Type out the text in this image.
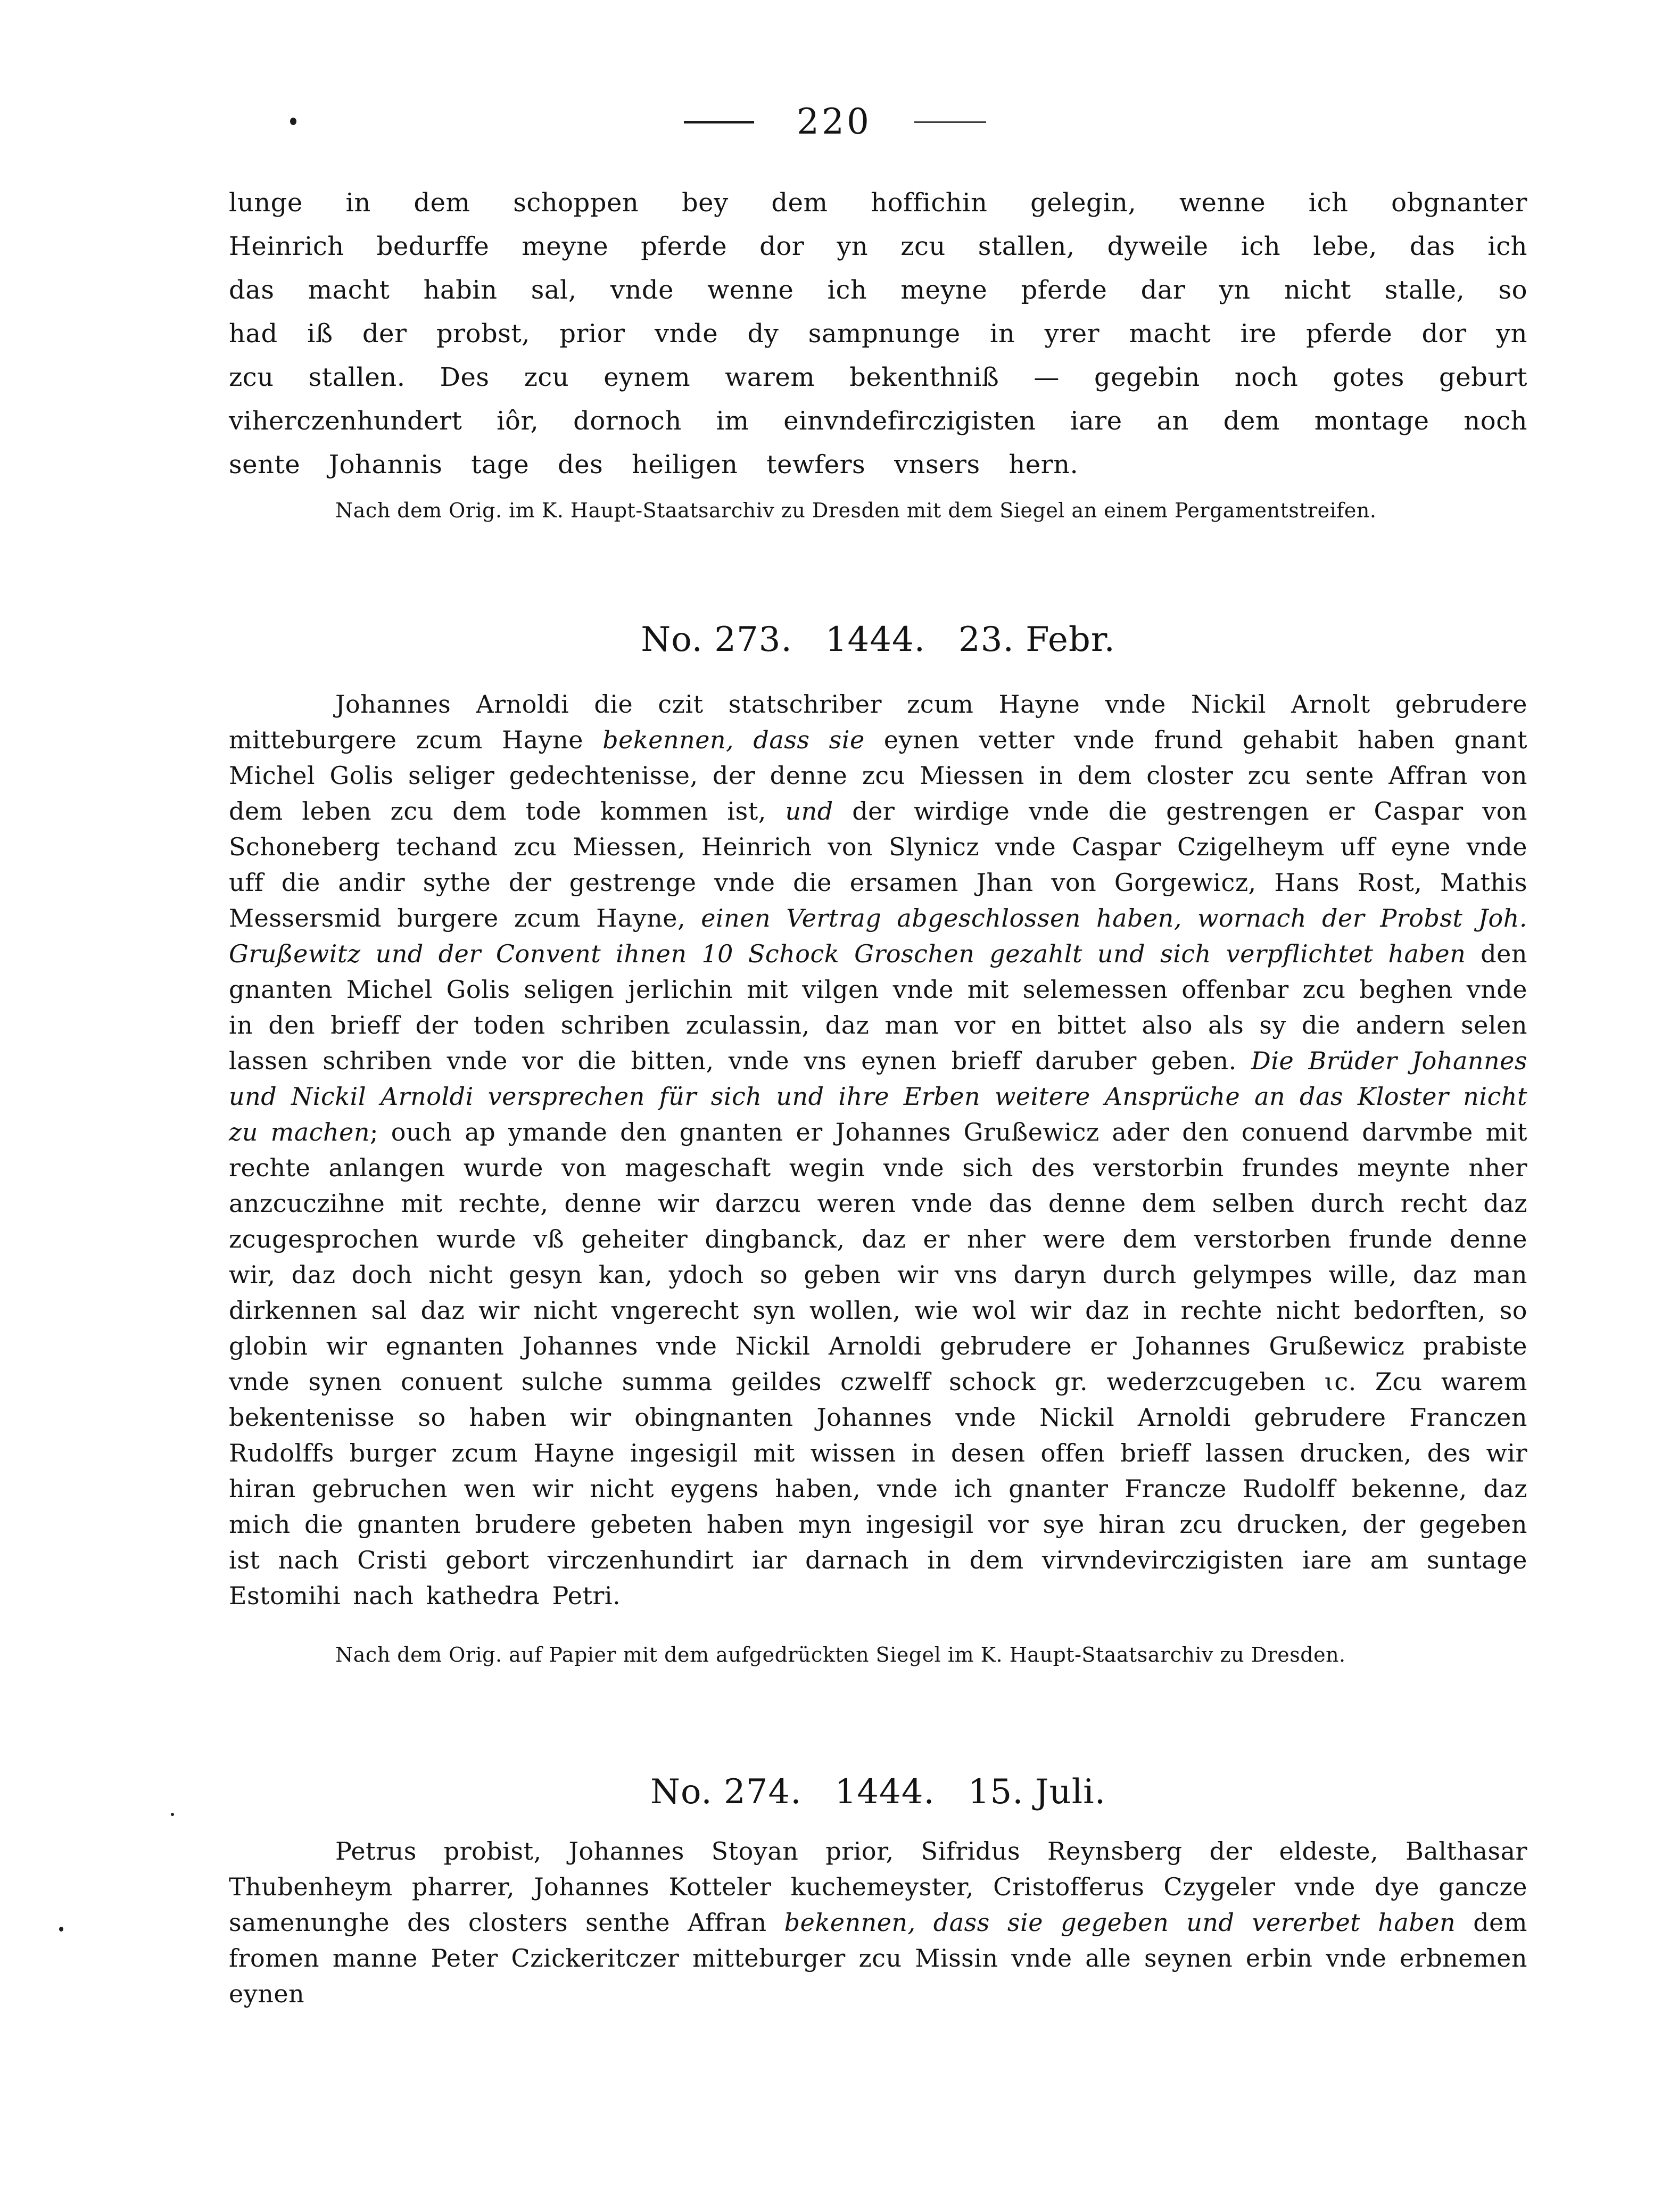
220

lunge in dem schoppen bey dem hoffichin gelegin, wenne ich obgnanter Heinrich bedurffe meyne pferde dor yn zcu stallen, dyweile ich lebe, das ich das macht habin sal, vnde wenne ich meyne pferde dar yn nicht stalle, so had iß der probst, prior vnde dy sampnunge in yrer macht ire pferde dor yn zcu stallen. Des zcu eynem warem bekenthniß — gegebin noch gotes geburt viherczenhundert iôr, dornoch im einvndefirczigisten iare an dem montage noch sente Johannis tage des heiligen tewfers vnsers hern.

Nach dem Orig. im K. Haupt-Staatsarchiv zu Dresden mit dem Siegel an einem Pergamentstreifen.

No. 273. 1444. 23. Febr.

Johannes Arnoldi die czit statschriber zcum Hayne vnde Nickil Arnolt gebrudere mitteburgere zcum Hayne bekennen, dass sie eynen vetter vnde frund gehabit haben gnant Michel Golis seliger gedechtenisse, der denne zcu Miessen in dem closter zcu sente Affran von dem leben zcu dem tode kommen ist, und der wirdige vnde die gestrengen er Caspar von Schoneberg techand zcu Miessen, Heinrich von Slynicz vnde Caspar Czigelheym uff eyne vnde uff die andir sythe der gestrenge vnde die ersamen Jhan von Gorgewicz, Hans Rost, Mathis Messersmid burgere zcum Hayne, einen Vertrag abgeschlossen haben, wornach der Probst Joh. Grußewitz und der Convent ihnen 10 Schock Groschen gezahlt und sich verpflichtet haben den gnanten Michel Golis seligen jerlichin mit vilgen vnde mit selemessen offenbar zcu beghen vnde in den brieff der toden schriben zculassin, daz man vor en bittet also als sy die andern selen lassen schriben vnde vor die bitten, vnde vns eynen brieff daruber geben. Die Brüder Johannes und Nickil Arnoldi versprechen für sich und ihre Erben weitere Ansprüche an das Kloster nicht zu machen; ouch ap ymande den gnanten er Johannes Grußewicz ader den conuend darvmbe mit rechte anlangen wurde von mageschaft wegin vnde sich des verstorbin frundes meynte nher anzcuczihne mit rechte, denne wir darzcu weren vnde das denne dem selben durch recht daz zcugesprochen wurde vß geheiter dingbanck, daz er nher were dem verstorben frunde denne wir, daz doch nicht gesyn kan, ydoch so geben wir vns daryn durch gelympes wille, daz man dirkennen sal daz wir nicht vngerecht syn wollen, wie wol wir daz in rechte nicht bedorften, so globin wir egnanten Johannes vnde Nickil Arnoldi gebrudere er Johannes Grußewicz prabiste vnde synen conuent sulche summa geildes czwelff schock gr. wederzcugeben ɩc. Zcu warem bekentenisse so haben wir obingnanten Johannes vnde Nickil Arnoldi gebrudere Franczen Rudolffs burger zcum Hayne ingesigil mit wissen in desen offen brieff lassen drucken, des wir hiran gebruchen wen wir nicht eygens haben, vnde ich gnanter Francze Rudolff bekenne, daz mich die gnanten brudere gebeten haben myn ingesigil vor sye hiran zcu drucken, der gegeben ist nach Cristi gebort virczenhundirt iar darnach in dem virvndevirczigisten iare am suntage Estomihi nach kathedra Petri.

Nach dem Orig. auf Papier mit dem aufgedrückten Siegel im K. Haupt-Staatsarchiv zu Dresden.

No. 274. 1444. 15. Juli.

Petrus probist, Johannes Stoyan prior, Sifridus Reynsberg der eldeste, Balthasar Thubenheym pharrer, Johannes Kotteler kuchemeyster, Cristofferus Czygeler vnde dye gancze samenunghe des closters senthe Affran bekennen, dass sie gegeben und vererbet haben dem fromen manne Peter Czickeritczer mitteburger zcu Missin vnde alle seynen erbin vnde erbnemen eynen
